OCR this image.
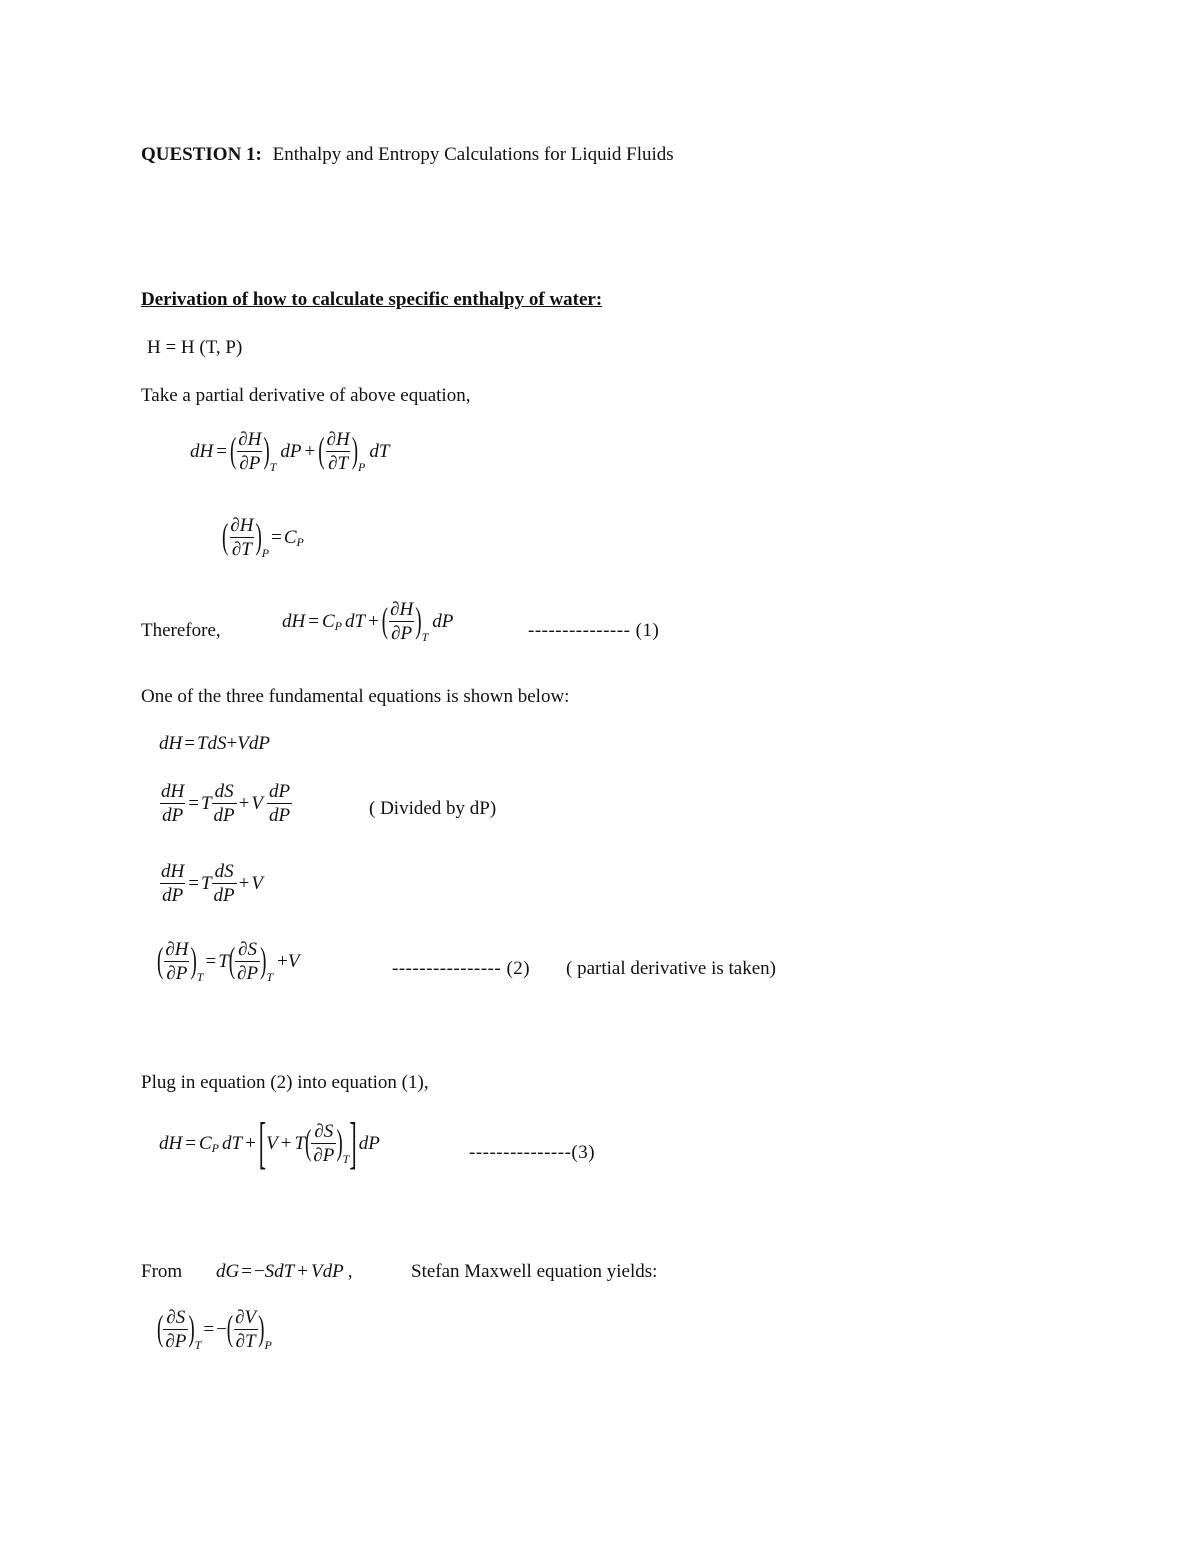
QUESTION 1: Enthalpy and Entropy Calculations for Liquid Fluids
Derivation of how to calculate specific enthalpy of water:
H = H (T, P)
Take a partial derivative of above equation,
dH = ( $\frac{\partial H}{\partial P}$ ) T
dP + ( $\frac{\partial H}{\partial T}$ ) P
dT
( $\frac{\partial H}{\partial T}$ ) P
= C P
Therefore,	dH = C P dT + ( $\frac{\partial H}{\partial P}$ ) T
dP	--------------- (1)
One of the three fundamental equations is shown below:
dH = TdS + VdP
$\frac{dH}{dP} = T \frac{dS}{dP} + V \frac{dP}{dP}$	( Divided by dP)
$\frac{dH}{dP} = T \frac{dS}{dP} + V$
( $\frac{\partial H}{\partial P}$ ) T
= T ( $\frac{\partial S}{\partial P}$ ) T
+ V	---------------- (2) ( partial derivative is taken)
Plug in equation (2) into equation (1),
dH = C P dT + [ V + T ( $\frac{\partial S}{\partial P}$ ) T ] dP	---------------(3)
From dG = − SdT + VdP ,	Stefan Maxwell equation yields:
( $\frac{\partial S}{\partial P}$ ) T
= − ( $\frac{\partial V}{\partial T}$ ) P
